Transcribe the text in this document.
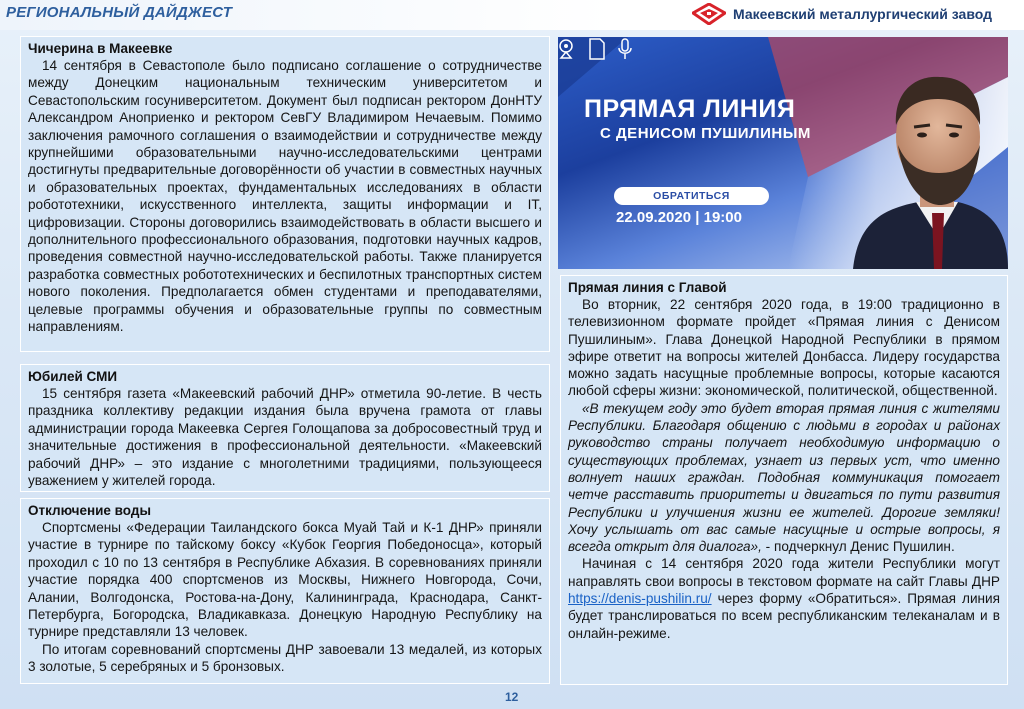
РЕГИОНАЛЬНЫЙ ДАЙДЖЕСТ	Макеевский металлургический завод
Чичерина в Макеевке

14 сентября в Севастополе было подписано соглашение о сотрудничестве между Донецким национальным техническим университетом и Севастопольским госуниверситетом. Документ был подписан ректором ДонНТУ Александром Аноприенко и ректором СевГУ Владимиром Нечаевым. Помимо заключения рамочного соглашения о взаимодействии и сотрудничестве между крупнейшими образовательными научно-исследовательскими центрами достигнуты предварительные договорённости об участии в совместных научных и образовательных проектах, фундаментальных исследованиях в области робототехники, искусственного интеллекта, защиты информации и IT, цифровизации. Стороны договорились взаимодействовать в области высшего и дополнительного профессионального образования, подготовки научных кадров, проведения совместной научно-исследовательской работы. Также планируется разработка совместных робототехнических и беспилотных транспортных систем нового поколения. Предполагается обмен студентами и преподавателями, целевые программы обучения и образовательные группы по совместным направлениям.

Юбилей СМИ

15 сентября газета «Макеевский рабочий ДНР» отметила 90-летие. В честь праздника коллективу редакции издания была вручена грамота от главы администрации города Макеевка Сергея Голощапова за добросовестный труд и значительные достижения в профессиональной деятельности. «Макеевский рабочий ДНР» – это издание с многолетними традициями, пользующееся уважением у жителей города.

Отключение воды

Спортсмены «Федерации Таиландского бокса Муай Тай и К-1 ДНР» приняли участие в турнире по тайскому боксу «Кубок Георгия Победоносца», который проходил с 10 по 13 сентября в Республике Абхазия. В соревнованиях приняли участие порядка 400 спортсменов из Москвы, Нижнего Новгорода, Сочи, Алании, Волгодонска, Ростова-на-Дону, Калининграда, Краснодара, Санкт-Петербурга, Богородска, Владикавказа. Донецкую Народную Республику на турнире представляли 13 человек.

По итогам соревнований спортсмены ДНР завоевали 13 медалей, из которых 3 золотые, 5 серебряных и 5 бронзовых.

ПРЯМАЯ ЛИНИЯ
С ДЕНИСОМ ПУШИЛИНЫМ
ОБРАТИТЬСЯ
22.09.2020 | 19:00
Прямая линия с Главой

Во вторник, 22 сентября 2020 года, в 19:00 традиционно в телевизионном формате пройдет «Прямая линия с Денисом Пушилиным». Глава Донецкой Народной Республики в прямом эфире ответит на вопросы жителей Донбасса. Лидеру государства можно задать насущные проблемные вопросы, которые касаются любой сферы жизни: экономической, политической, общественной.

«В текущем году это будет вторая прямая линия с жителями Республики. Благодаря общению с людьми в городах и районах руководство страны получает необходимую информацию о существующих проблемах, узнает из первых уст, что именно волнует наших граждан. Подобная коммуникация помогает четче расставить приоритеты и двигаться по пути развития Республики и улучшения жизни ее жителей. Дорогие земляки! Хочу услышать от вас самые насущные и острые вопросы, я всегда открыт для диалога», - подчеркнул Денис Пушилин.

Начиная с 14 сентября 2020 года жители Республики могут направлять свои вопросы в текстовом формате на сайт Главы ДНР https://denis-pushilin.ru/ через форму «Обратиться». Прямая линия будет транслироваться по всем республиканским телеканалам и в онлайн-режиме.

12
